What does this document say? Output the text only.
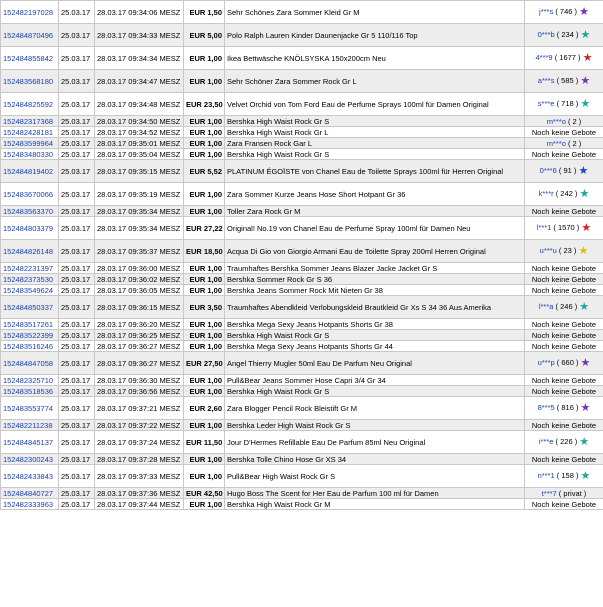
152482197028	25.03.17	28.03.17 09:34:06 MESZ	EUR 1,50	Sehr Schönes Zara Sommer Kleid Gr M	j***s ( 746 ) ★
152484870496	25.03.17	28.03.17 09:34:33 MESZ	EUR 5,00	Polo Ralph Lauren Kinder Daunenjacke Gr 5 110/116 Top	0***b ( 234 ) ★
152484855842	25.03.17	28.03.17 09:34:34 MESZ	EUR 1,00	Ikea Bettwäsche KNÖLSYSKA 150x200cm Neu	4***9 ( 1677 ) ★
152483568180	25.03.17	28.03.17 09:34:47 MESZ	EUR 1,00	Sehr Schöner Zara Sommer Rock Gr L	a***s ( 585 ) ★
152484825592	25.03.17	28.03.17 09:34:48 MESZ	EUR 23,50	Velvet Orchid von Tom Ford Eau de Perfume Sprays 100ml für Damen Original	s***e ( 718 ) ★
152482317368	25.03.17	28.03.17 09:34:50 MESZ	EUR 1,00	Bershka High Waist Rock Gr S	m***o ( 2 )
152482428181	25.03.17	28.03.17 09:34:52 MESZ	EUR 1,00	Bershka High Waist Rock Gr L	Noch keine Gebote
152483599964	25.03.17	28.03.17 09:35:01 MESZ	EUR 1,00	Zara Fransen Rock Gar L	m***o ( 2 )
152483480330	25.03.17	28.03.17 09:35:04 MESZ	EUR 1,00	Bershka High Waist Rock Gr S	Noch keine Gebote
152484819402	25.03.17	28.03.17 09:35:15 MESZ	EUR 5,52	PLATINUM ÉGOÏSTE von Chanel Eau de Toilette Sprays 100ml für Herren Original	0***6 ( 91 ) ★
152483670066	25.03.17	28.03.17 09:35:19 MESZ	EUR 1,00	Zara Sommer Kurze Jeans Hose Short Hotpant Gr 36	k***r ( 242 ) ★
152483563370	25.03.17	28.03.17 09:35:34 MESZ	EUR 1,00	Toller Zara Rock Gr M	Noch keine Gebote
152484803379	25.03.17	28.03.17 09:35:34 MESZ	EUR 27,22	Original! No.19 von Chanel Eau de Perfume Spray 100ml für Damen Neu	l***1 ( 1570 ) ★
152484826148	25.03.17	28.03.17 09:35:37 MESZ	EUR 18,50	Acqua Di Gio von Giorgio Armani Eau de Toilette Spray 200ml Herren Original	u***u ( 23 ) ★
152482231397	25.03.17	28.03.17 09:36:00 MESZ	EUR 1,00	Traumhaftes Bershka Sommer Jeans Blazer Jacke Jacket Gr S	Noch keine Gebote
152482373530	25.03.17	28.03.17 09:36:02 MESZ	EUR 1,00	Bershka Sommer Rock Gr S 36	Noch keine Gebote
152483549624	25.03.17	28.03.17 09:36:05 MESZ	EUR 1,00	Bershka Jeans Sommer Rock Mit Nieten Gr 38	Noch keine Gebote
152484850337	25.03.17	28.03.17 09:36:15 MESZ	EUR 3,50	Traumhaftes Abendkleid Verlobungskleid Brautkleid Gr Xs S 34 36 Aus Amerika	l***a ( 246 ) ★
152483517261	25.03.17	28.03.17 09:36:20 MESZ	EUR 1,00	Bershka Mega Sexy Jeans Hotpants Shorts Gr 38	Noch keine Gebote
152483522399	25.03.17	28.03.17 09:36:25 MESZ	EUR 1,00	Bershka High Waist Rock Gr S	Noch keine Gebote
152483516246	25.03.17	28.03.17 09:36:27 MESZ	EUR 1,00	Bershka Mega Sexy Jeans Hotpants Shorts Gr 44	Noch keine Gebote
152484847058	25.03.17	28.03.17 09:36:27 MESZ	EUR 27,50	Angel Thierry Mugler 50ml Eau De Parfum Neu Original	u***p ( 660 ) ★
152482325710	25.03.17	28.03.17 09:36:30 MESZ	EUR 1,00	Pull&Bear Jeans Sommer Hose Capri 3/4 Gr 34	Noch keine Gebote
152483518536	25.03.17	28.03.17 09:36:56 MESZ	EUR 1,00	Bershka High Waist Rock Gr S	Noch keine Gebote
152483553774	25.03.17	28.03.17 09:37:21 MESZ	EUR 2,60	Zara Blogger Pencil Rock Bleistift Gr M	8***5 ( 816 ) ★
152482211238	25.03.17	28.03.17 09:37:22 MESZ	EUR 1,00	Bershka Leder High Waist Rock Gr S	Noch keine Gebote
152484845137	25.03.17	28.03.17 09:37:24 MESZ	EUR 11,50	Jour D'Hermes Refillable Eau De Parfum 85ml Neu Original	i***e ( 226 ) ★
152482300243	25.03.17	28.03.17 09:37:28 MESZ	EUR 1,00	Bershka Tolle Chino Hose Gr XS 34	Noch keine Gebote
152482433843	25.03.17	28.03.17 09:37:33 MESZ	EUR 1,00	Pull&Bear High Waist Rock Gr S	n***1 ( 158 ) ★
152484840727	25.03.17	28.03.17 09:37:36 MESZ	EUR 42,50	Hugo Boss The Scent for Her Eau de Parfum 100 ml für Damen	t***7 ( privat )
152482333963	25.03.17	28.03.17 09:37:44 MESZ	EUR 1,00	Bershka High Waist Rock Gr M	Noch keine Gebote
